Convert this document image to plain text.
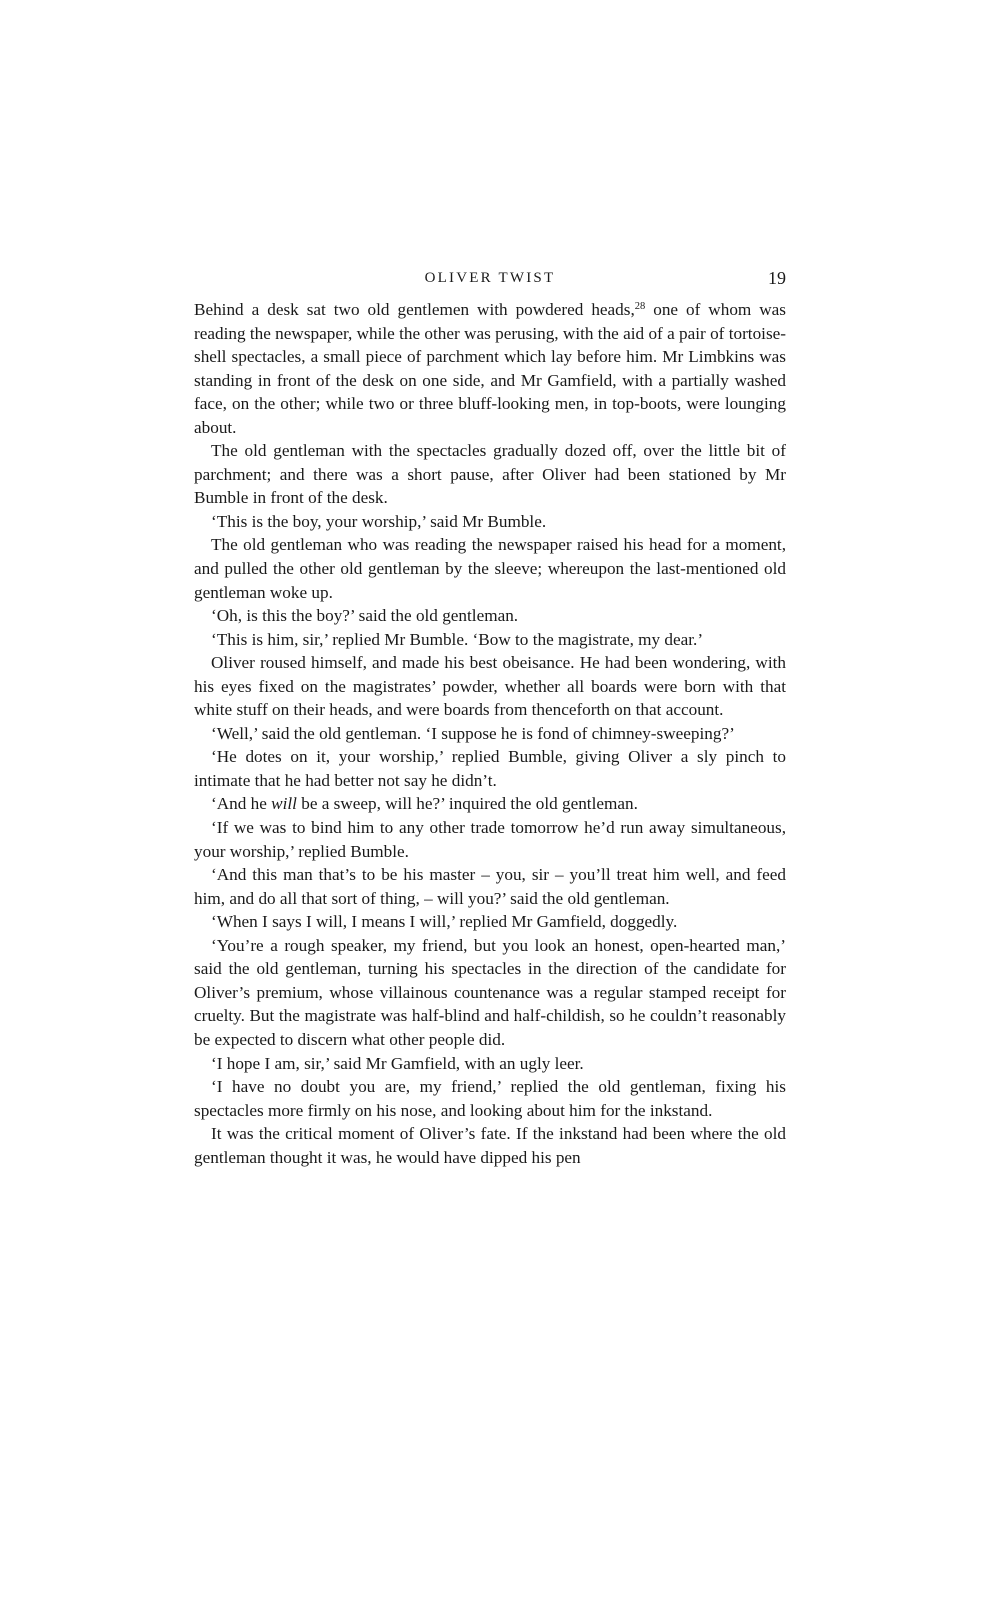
OLIVER TWIST	19

Behind a desk sat two old gentlemen with powdered heads,$^{28}$ one of whom was reading the newspaper, while the other was perusing, with the aid of a pair of tortoise-shell spectacles, a small piece of parchment which lay before him. Mr Limbkins was standing in front of the desk on one side, and Mr Gamfield, with a partially washed face, on the other; while two or three bluff-looking men, in top-boots, were lounging about.

The old gentleman with the spectacles gradually dozed off, over the little bit of parchment; and there was a short pause, after Oliver had been stationed by Mr Bumble in front of the desk.

‘This is the boy, your worship,’ said Mr Bumble.

The old gentleman who was reading the newspaper raised his head for a moment, and pulled the other old gentleman by the sleeve; whereupon the last-mentioned old gentleman woke up.

‘Oh, is this the boy?’ said the old gentleman.

‘This is him, sir,’ replied Mr Bumble. ‘Bow to the magistrate, my dear.’

Oliver roused himself, and made his best obeisance. He had been wondering, with his eyes fixed on the magistrates’ powder, whether all boards were born with that white stuff on their heads, and were boards from thenceforth on that account.

‘Well,’ said the old gentleman. ‘I suppose he is fond of chimney-sweeping?’

‘He dotes on it, your worship,’ replied Bumble, giving Oliver a sly pinch to intimate that he had better not say he didn’t.

‘And he will be a sweep, will he?’ inquired the old gentleman.

‘If we was to bind him to any other trade tomorrow he’d run away simultaneous, your worship,’ replied Bumble.

‘And this man that’s to be his master – you, sir – you’ll treat him well, and feed him, and do all that sort of thing, – will you?’ said the old gentleman.

‘When I says I will, I means I will,’ replied Mr Gamfield, doggedly.

‘You’re a rough speaker, my friend, but you look an honest, open-hearted man,’ said the old gentleman, turning his spectacles in the direction of the candidate for Oliver’s premium, whose villainous countenance was a regular stamped receipt for cruelty. But the magistrate was half-blind and half-childish, so he couldn’t reasonably be expected to discern what other people did.

‘I hope I am, sir,’ said Mr Gamfield, with an ugly leer.

‘I have no doubt you are, my friend,’ replied the old gentleman, fixing his spectacles more firmly on his nose, and looking about him for the inkstand.

It was the critical moment of Oliver’s fate. If the inkstand had been where the old gentleman thought it was, he would have dipped his pen
